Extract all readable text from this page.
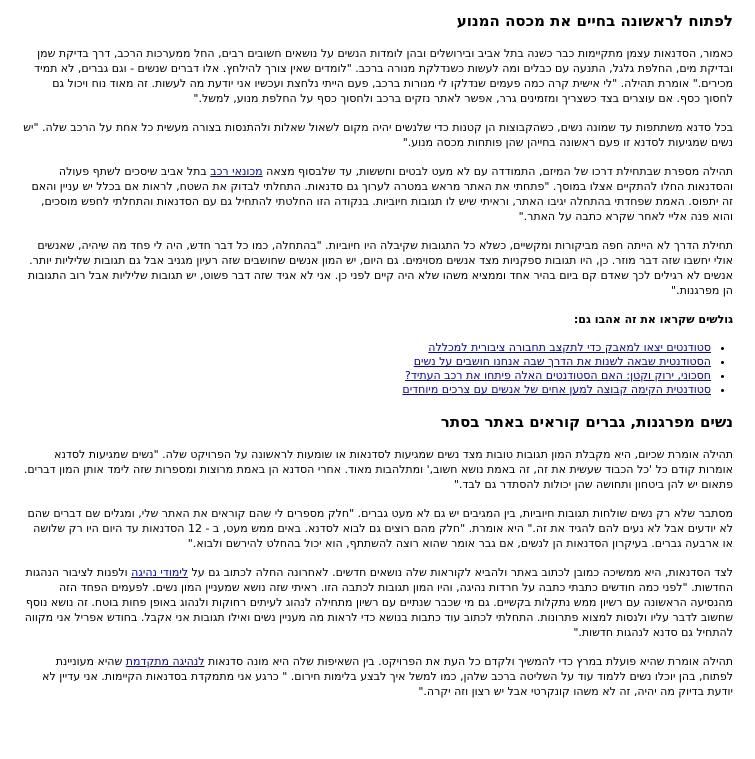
לפתוח לראשונה בחיים את מכסה המנוע

כאמור, הסדנאות עצמן מתקיימות כבר כשנה בתל אביב ובירושלים ובהן לומדות הנשים על נושאים חשובים רבים, החל ממערכות הרכב, דרך בדיקת שמן ובדיקת מים, החלפת גלגל, התנעה עם כבלים ומה לעשות כשנדלקת מנורה ברכב. "לומדים שאין צורך להילחץ. אלו דברים שנשים - וגם גברים, לא תמיד מכירים." אומרת תהילה. "לי אישית קרה כמה פעמים שנדלקו לי מנורות ברכב, פעם הייתי נלחצת ועכשיו אני יודעת מה לעשות. זה מאוד נוח ויכול גם לחסוך כסף. אם עוצרים בצד כשצריך ומזמינים גרר, אפשר לאתר נזקים ברכב ולחסוך כסף על החלפת מנוע, למשל."

בכל סדנא משתתפות עד שמונה נשים, כשהקבוצות הן קטנות כדי שלנשים יהיה מקום לשאול שאלות ולהתנסות בצורה מעשית כל אחת על הרכב שלה. "יש נשים שמגיעות לסדנא זו פעם ראשונה בחייהן שהן פותחות מכסה מנוע."

תהילה מספרת שבתחילת דרכו של המיזם, התמודדה עם לא מעט לבטים וחששות, עד שלבסוף מצאה מכונאי רכב בתל אביב שיסכים לשתף פעולה והסדנאות החלו להתקיים אצלו במוסך. "פתחתי את האתר מראש במטרה לערוך גם סדנאות. התחלתי לבדוק את השטח, לראות אם בכלל יש עניין והאם זה יתפוס. האמת שפחדתי בהתחלה יגיבו האתר, וראיתי שיש לו תגובות חיוביות. בנקודה הזו החלטתי להתחיל גם עם הסדנאות והתחלתי לחפש מוסכים, והוא פנה אליי לאחר שקרא כתבה על האתר."

תחילת הדרך לא הייתה חפה מביקורות ומקשיים, כשלא כל התגובות שקיבלה היו חיוביות. "בהתחלה, כמו כל דבר חדש, היה לי פחד מה שיהיה, שאנשים אולי יחשבו שזה דבר מוזר. כן, היו תגובות ספקניות מצד אנשים מסוימים. גם היום, יש המון אנשים שחושבים שזה רעיון מגניב אבל גם תגובות שליליות יותר. אנשים לא רגילים לכך שאדם קם ביום בהיר אחד וממציא משהו שלא היה קיים לפני כן. אני לא אגיד שזה דבר פשוט, יש תגובות שליליות אבל רוב התגובות הן מפרגנות."

גולשים שקראו את זה אהבו גם:
• סטודנטים יצאו למאבק כדי לתקצב תחבורה ציבורית למכללה
• הסטודנטית שבאה לשנות את הדרך שבה אנחנו חושבים על נשים
• חסכוני, ירוק וקטן: האם הסטודנטים האלה פיתחו את רכב העתיד?
• סטודנטית הקימה קבוצה למען אחים של אנשים עם צרכים מיוחדים
נשים מפרגנות, גברים קוראים באתר בסתר

תהילה אומרת שכיום, היא מקבלת המון תגובות טובות מצד נשים שמגיעות לסדנאות או שומעות לראשונה על הפרויקט שלה. "נשים שמגיעות לסדנא אומרות קודם כל 'כל הכבוד שעשית את זה, זה באמת נושא חשוב,' ומתלהבות מאוד. אחרי הסדנא הן באמת מרוצות ומספרות שזה לימד אותן המון דברים. פתאום יש להן ביטחון ותחושה שהן יכולות להסתדר גם לבד."

מסתבר שלא רק נשים שולחות תגובות חיוביות, בין המגיבים יש גם לא מעט גברים. "חלק מספרים לי שהם קוראים את האתר שלי, ומגלים שם דברים שהם לא יודעים אבל לא נעים להם להגיד את זה." היא אומרת. "חלק מהם רוצים גם לבוא לסדנא. באים ממש מעט, ב - 12 הסדנאות עד היום היו רק שלושה או ארבעה גברים. בעיקרון הסדנאות הן לנשים, אם גבר אומר שהוא רוצה להשתתף, הוא יכול בהחלט להירשם ולבוא."

לצד הסדנאות, היא ממשיכה כמובן לכתוב באתר ולהביא לקוראות שלה נושאים חדשים. לאחרונה החלה לכתוב גם על לימודי נהיגה ולפנות לציבור הנהגות החדשות. "לפני כמה חודשים כתבתי כתבה על חרדות נהיגה, והיו המון תגובות לכתבה הזו. ראיתי שזה נושא שמעניין המון נשים. לפעמים הפחד הזה מהנסיעה הראשונה עם רשיון ממש נתקלות בקשיים. גם מי שכבר שנתיים עם רשיון מתחילה לנהוג לעיתים רחוקות ולנהוג באופן פחות בוטח. זה נושא נוסף שחשוב לדבר עליו ולנסות למצוא פתרונות. התחלתי לכתוב עוד כתבות בנושא כדי לראות מה מעניין נשים ואילו תגובות אני אקבל. בחודש אפריל אני מקווה להתחיל גם סדנא לנהגות חדשות."

תהילה אומרת שהיא פועלת במרץ כדי להמשיך ולקדם כל העת את הפרויקט. בין השאיפות שלה היא מונה סדנאות לנהיגה מתקדמת שהיא מעוניינת לפתוח, בהן יוכלו נשים ללמוד עוד על השליטה ברכב שלהן, כמו למשל איך לבצע בלימות חירום. " כרגע אני מתמקדת בסדנאות הקיימות. אני עדיין לא יודעת בדיוק מה יהיה, זה לא משהו קונקרטי אבל יש רצון וזה יקרה."
